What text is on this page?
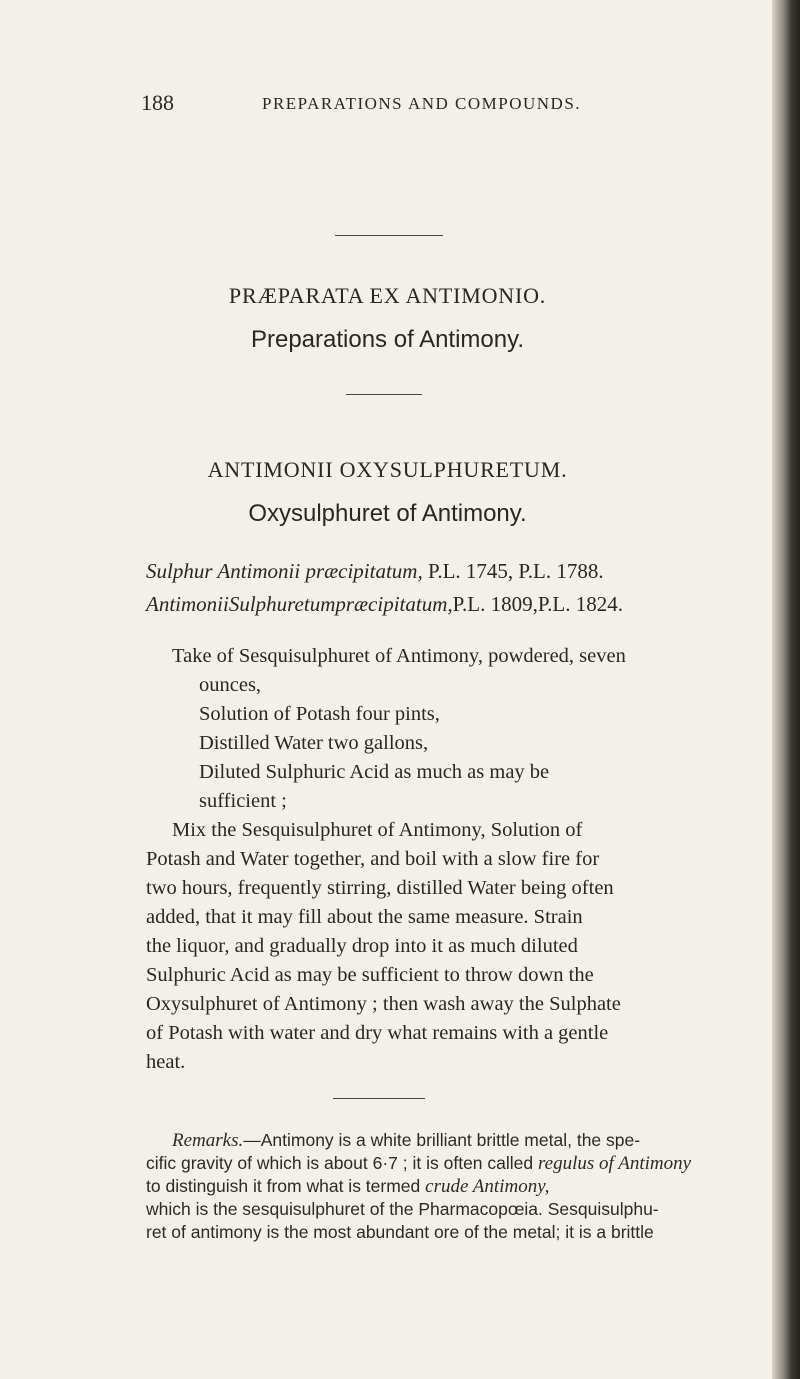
188	PREPARATIONS AND COMPOUNDS.
PRÆPARATA EX ANTIMONIO.
Preparations of Antimony.
ANTIMONII OXYSULPHURETUM.
Oxysulphuret of Antimony.
Sulphur Antimonii præcipitatum, P.L. 1745, P.L. 1788.
AntimoniiSulphuretumpræcipitatum,P.L. 1809,P.L. 1824.
Take of Sesquisulphuret of Antimony, powdered, seven
ounces,
Solution of Potash four pints,
Distilled Water two gallons,
Diluted Sulphuric Acid as much as may be
sufficient ;
Mix the Sesquisulphuret of Antimony, Solution of
Potash and Water together, and boil with a slow fire for
two hours, frequently stirring, distilled Water being often
added, that it may fill about the same measure. Strain
the liquor, and gradually drop into it as much diluted
Sulphuric Acid as may be sufficient to throw down the
Oxysulphuret of Antimony ; then wash away the Sulphate
of Potash with water and dry what remains with a gentle
heat.
Remarks.—Antimony is a white brilliant brittle metal, the spe-
cific gravity of which is about 6·7 ; it is often called regulus of Antimony
to distinguish it from what is termed crude Antimony,
which is the sesquisulphuret of the Pharmacopœia. Sesquisulphu-
ret of antimony is the most abundant ore of the metal; it is a brittle
